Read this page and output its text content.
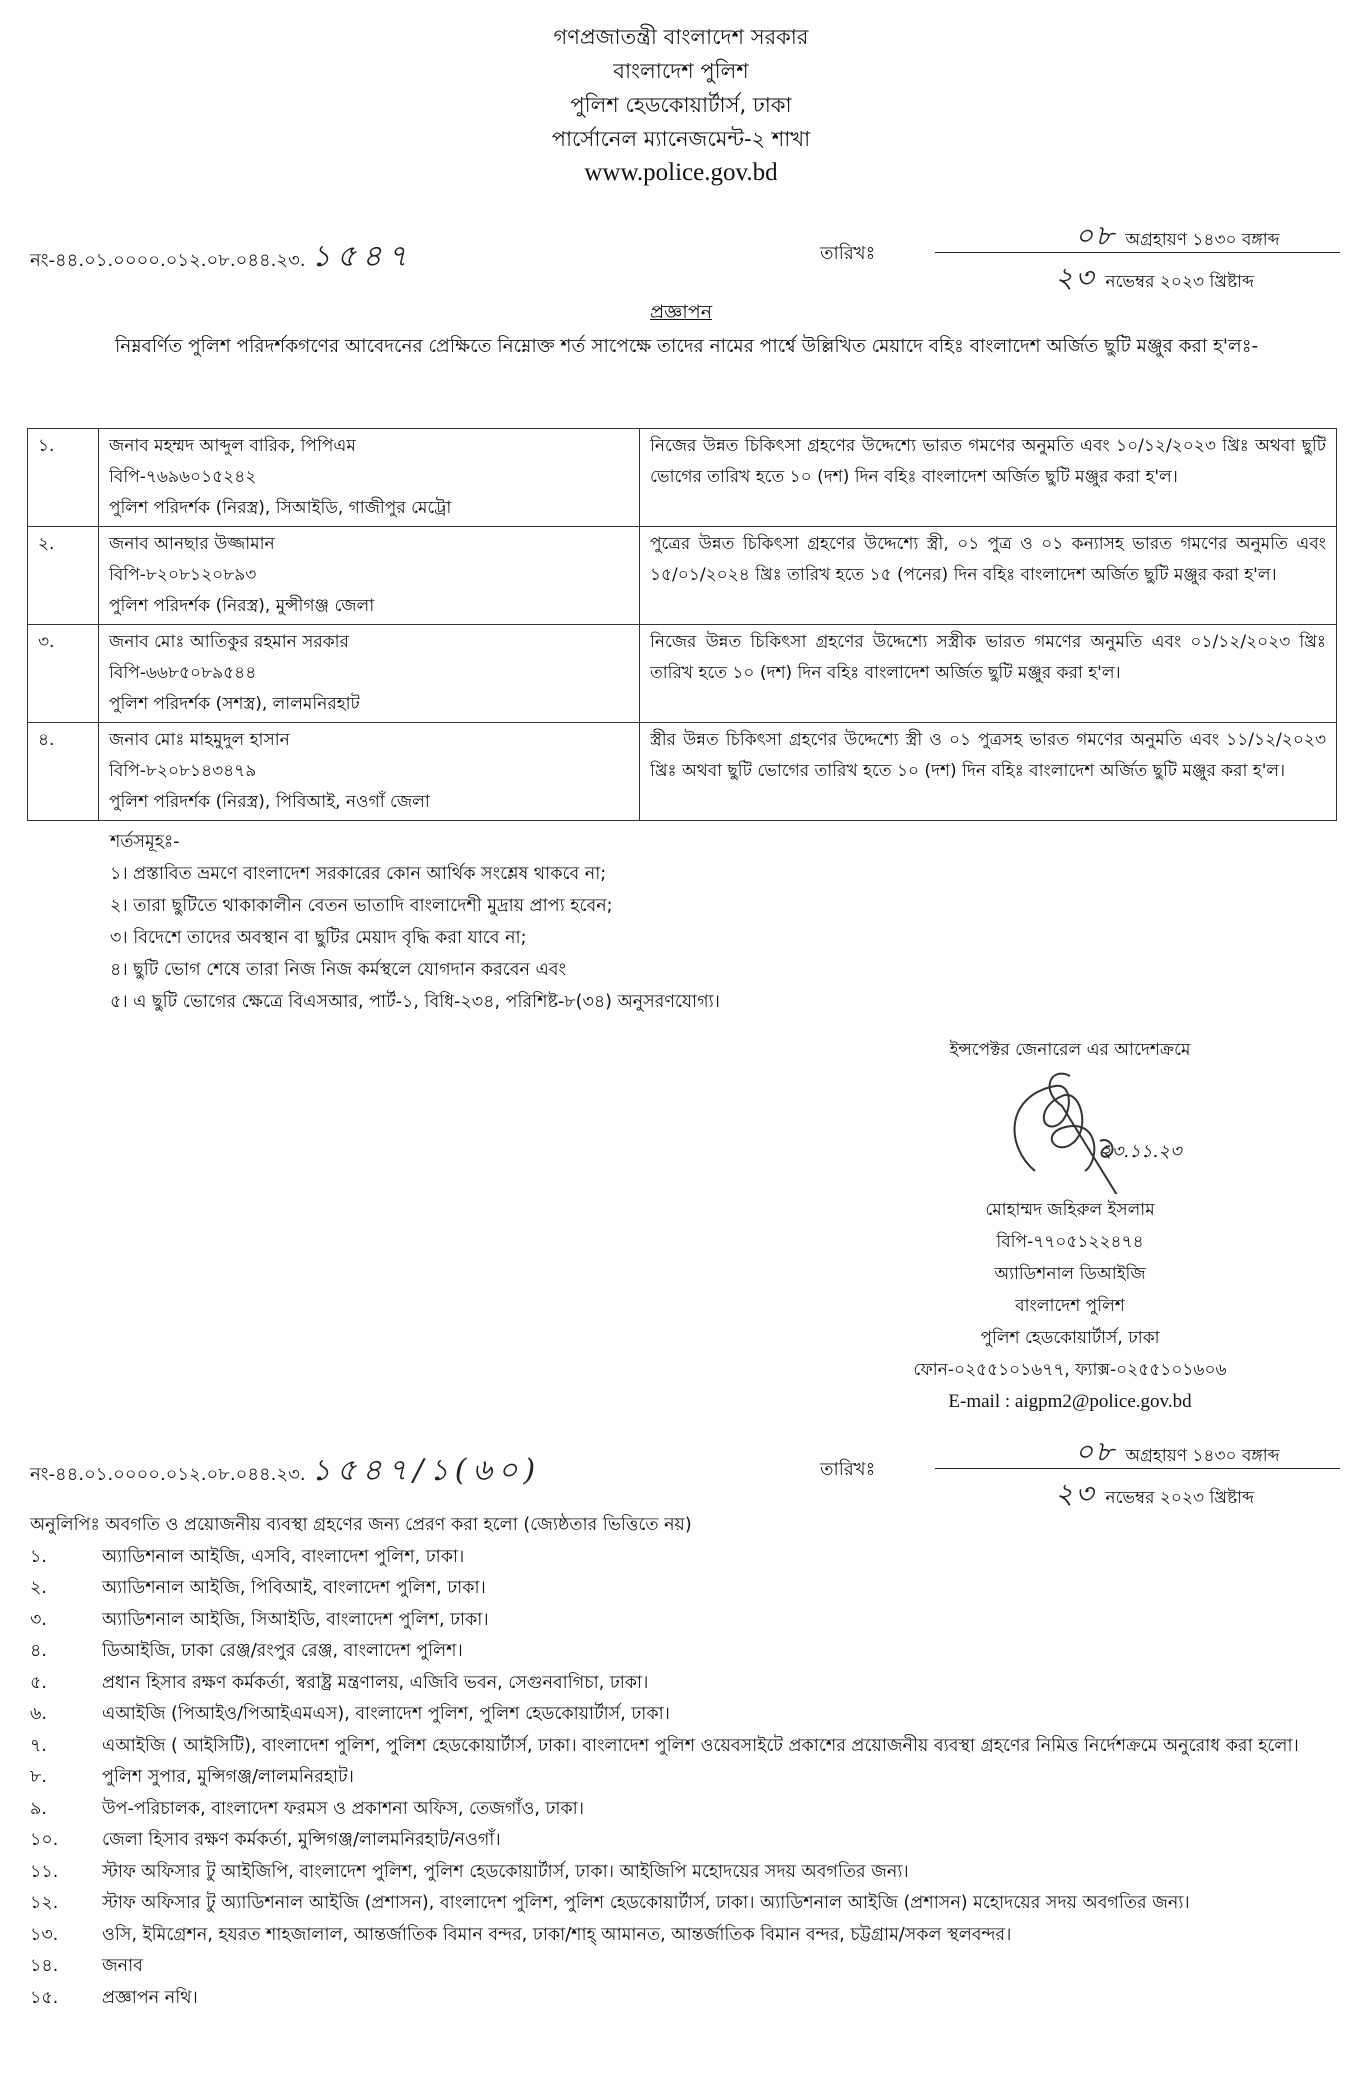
গণপ্রজাতন্ত্রী বাংলাদেশ সরকার
বাংলাদেশ পুলিশ
পুলিশ হেডকোয়ার্টার্স, ঢাকা
পার্সোনেল ম্যানেজমেন্ট-২ শাখা
www.police.gov.bd
নং-৪৪.০১.০০০০.০১২.০৮.০৪৪.২৩. ১৫৪৭	তারিখঃ
০৮ অগ্রহায়ণ ১৪৩০ বঙ্গাব্দ
২৩ নভেম্বর ২০২৩ খ্রিষ্টাব্দ
প্রজ্ঞাপন
নিম্নবর্ণিত পুলিশ পরিদর্শকগণের আবেদনের প্রেক্ষিতে নিম্নোক্ত শর্ত সাপেক্ষে তাদের নামের পার্শ্বে উল্লিখিত মেয়াদে বহিঃ বাংলাদেশ অর্জিত ছুটি মঞ্জুর করা হ'লঃ-
১.	জনাব মহম্মদ আব্দুল বারিক, পিপিএম
বিপি-৭৬৯৬০১৫২৪২
পুলিশ পরিদর্শক (নিরস্ত্র), সিআইডি, গাজীপুর মেট্রো	নিজের উন্নত চিকিৎসা গ্রহণের উদ্দেশ্যে ভারত গমণের অনুমতি এবং ১০/১২/২০২৩ খ্রিঃ অথবা ছুটি ভোগের তারিখ হতে ১০ (দশ) দিন বহিঃ বাংলাদেশ অর্জিত ছুটি মঞ্জুর করা হ'ল।
২.	জনাব আনছার উজ্জামান
বিপি-৮২০৮১২০৮৯৩
পুলিশ পরিদর্শক (নিরস্ত্র), মুন্সীগঞ্জ জেলা	পুত্রের উন্নত চিকিৎসা গ্রহণের উদ্দেশ্যে স্ত্রী, ০১ পুত্র ও ০১ কন্যাসহ ভারত গমণের অনুমতি এবং ১৫/০১/২০২৪ খ্রিঃ তারিখ হতে ১৫ (পনের) দিন বহিঃ বাংলাদেশ অর্জিত ছুটি মঞ্জুর করা হ'ল।
৩.	জনাব মোঃ আতিকুর রহমান সরকার
বিপি-৬৬৮৫০৮৯৫৪৪
পুলিশ পরিদর্শক (সশস্ত্র), লালমনিরহাট	নিজের উন্নত চিকিৎসা গ্রহণের উদ্দেশ্যে সস্ত্রীক ভারত গমণের অনুমতি এবং ০১/১২/২০২৩ খ্রিঃ তারিখ হতে ১০ (দশ) দিন বহিঃ বাংলাদেশ অর্জিত ছুটি মঞ্জুর করা হ'ল।
৪.	জনাব মোঃ মাহমুদুল হাসান
বিপি-৮২০৮১৪৩৪৭৯
পুলিশ পরিদর্শক (নিরস্ত্র), পিবিআই, নওগাঁ জেলা	স্ত্রীর উন্নত চিকিৎসা গ্রহণের উদ্দেশ্যে স্ত্রী ও ০১ পুত্রসহ ভারত গমণের অনুমতি এবং ১১/১২/২০২৩ খ্রিঃ অথবা ছুটি ভোগের তারিখ হতে ১০ (দশ) দিন বহিঃ বাংলাদেশ অর্জিত ছুটি মঞ্জুর করা হ'ল।
শর্তসমূহঃ-
১। প্রস্তাবিত ভ্রমণে বাংলাদেশ সরকারের কোন আর্থিক সংশ্লেষ থাকবে না;
২। তারা ছুটিতে থাকাকালীন বেতন ভাতাদি বাংলাদেশী মুদ্রায় প্রাপ্য হবেন;
৩। বিদেশে তাদের অবস্থান বা ছুটির মেয়াদ বৃদ্ধি করা যাবে না;
৪। ছুটি ভোগ শেষে তারা নিজ নিজ কর্মস্থলে যোগদান করবেন এবং
৫। এ ছুটি ভোগের ক্ষেত্রে বিএসআর, পার্ট-১, বিধি-২৩৪, পরিশিষ্ট-৮(৩৪) অনুসরণযোগ্য।
ইন্সপেক্টর জেনারেল এর আদেশক্রমে
২৩.১১.২৩
মোহাম্মদ জহিরুল ইসলাম
বিপি-৭৭০৫১২২৪৭৪
অ্যাডিশনাল ডিআইজি
বাংলাদেশ পুলিশ
পুলিশ হেডকোয়ার্টার্স, ঢাকা
ফোন-০২৫৫১০১৬৭৭, ফ্যাক্স-০২৫৫১০১৬০৬
E-mail : aigpm2@police.gov.bd
নং-৪৪.০১.০০০০.০১২.০৮.০৪৪.২৩. ১৫৪৭/১(৬০)	তারিখঃ
০৮ অগ্রহায়ণ ১৪৩০ বঙ্গাব্দ
২৩ নভেম্বর ২০২৩ খ্রিষ্টাব্দ
অনুলিপিঃ অবগতি ও প্রয়োজনীয় ব্যবস্থা গ্রহণের জন্য প্রেরণ করা হলো (জ্যেষ্ঠতার ভিত্তিতে নয়)
১.	অ্যাডিশনাল আইজি, এসবি, বাংলাদেশ পুলিশ, ঢাকা।
২.	অ্যাডিশনাল আইজি, পিবিআই, বাংলাদেশ পুলিশ, ঢাকা।
৩.	অ্যাডিশনাল আইজি, সিআইডি, বাংলাদেশ পুলিশ, ঢাকা।
৪.	ডিআইজি, ঢাকা রেঞ্জ/রংপুর রেঞ্জ, বাংলাদেশ পুলিশ।
৫.	প্রধান হিসাব রক্ষণ কর্মকর্তা, স্বরাষ্ট্র মন্ত্রণালয়, এজিবি ভবন, সেগুনবাগিচা, ঢাকা।
৬.	এআইজি (পিআইও/পিআইএমএস), বাংলাদেশ পুলিশ, পুলিশ হেডকোয়ার্টার্স, ঢাকা।
৭.	এআইজি ( আইসিটি), বাংলাদেশ পুলিশ, পুলিশ হেডকোয়ার্টার্স, ঢাকা। বাংলাদেশ পুলিশ ওয়েবসাইটে প্রকাশের প্রয়োজনীয় ব্যবস্থা গ্রহণের নিমিত্ত নির্দেশক্রমে অনুরোধ করা হলো।
৮.	পুলিশ সুপার, মুন্সিগঞ্জ/লালমনিরহাট।
৯.	উপ-পরিচালক, বাংলাদেশ ফরমস ও প্রকাশনা অফিস, তেজগাঁও, ঢাকা।
১০.	জেলা হিসাব রক্ষণ কর্মকর্তা, মুন্সিগঞ্জ/লালমনিরহাট/নওগাঁ।
১১.	স্টাফ অফিসার টু আইজিপি, বাংলাদেশ পুলিশ, পুলিশ হেডকোয়ার্টার্স, ঢাকা। আইজিপি মহোদয়ের সদয় অবগতির জন্য।
১২.	স্টাফ অফিসার টু অ্যাডিশনাল আইজি (প্রশাসন), বাংলাদেশ পুলিশ, পুলিশ হেডকোয়ার্টার্স, ঢাকা। অ্যাডিশনাল আইজি (প্রশাসন) মহোদয়ের সদয় অবগতির জন্য।
১৩.	ওসি, ইমিগ্রেশন, হযরত শাহজালাল, আন্তর্জাতিক বিমান বন্দর, ঢাকা/শাহ্ আমানত, আন্তর্জাতিক বিমান বন্দর, চট্টগ্রাম/সকল স্থলবন্দর।
১৪.	জনাব
১৫.	প্রজ্ঞাপন নথি।
